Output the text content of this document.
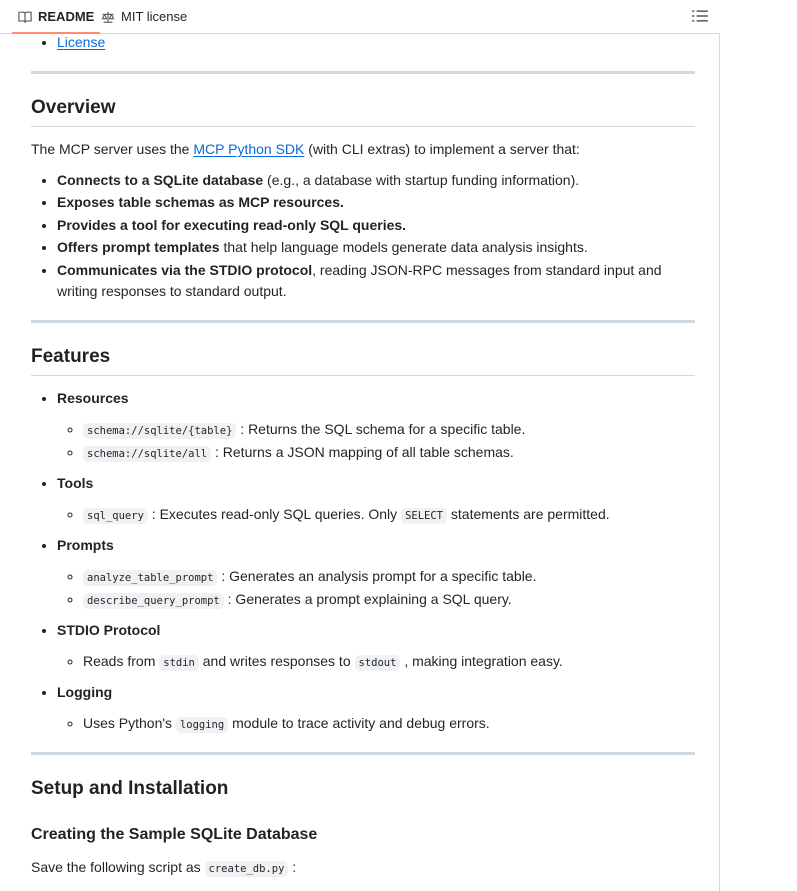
README MIT license
• License
Overview

The MCP server uses the MCP Python SDK (with CLI extras) to implement a server that:

• Connects to a SQLite database (e.g., a database with startup funding information).
• Exposes table schemas as MCP resources.
• Provides a tool for executing read-only SQL queries.
• Offers prompt templates that help language models generate data analysis insights.
• Communicates via the STDIO protocol, reading JSON-RPC messages from standard input and writing responses to standard output.
Features
• Resources
◦ schema://sqlite/{table} : Returns the SQL schema for a specific table.
◦ schema://sqlite/all : Returns a JSON mapping of all table schemas.
• Tools
◦ sql_query : Executes read-only SQL queries. Only SELECT statements are permitted.
• Prompts
◦ analyze_table_prompt : Generates an analysis prompt for a specific table.
◦ describe_query_prompt : Generates a prompt explaining a SQL query.
• STDIO Protocol
◦ Reads from stdin and writes responses to stdout , making integration easy.
• Logging
◦ Uses Python's logging module to trace activity and debug errors.
Setup and Installation
Creating the Sample SQLite Database

Save the following script as create_db.py :
